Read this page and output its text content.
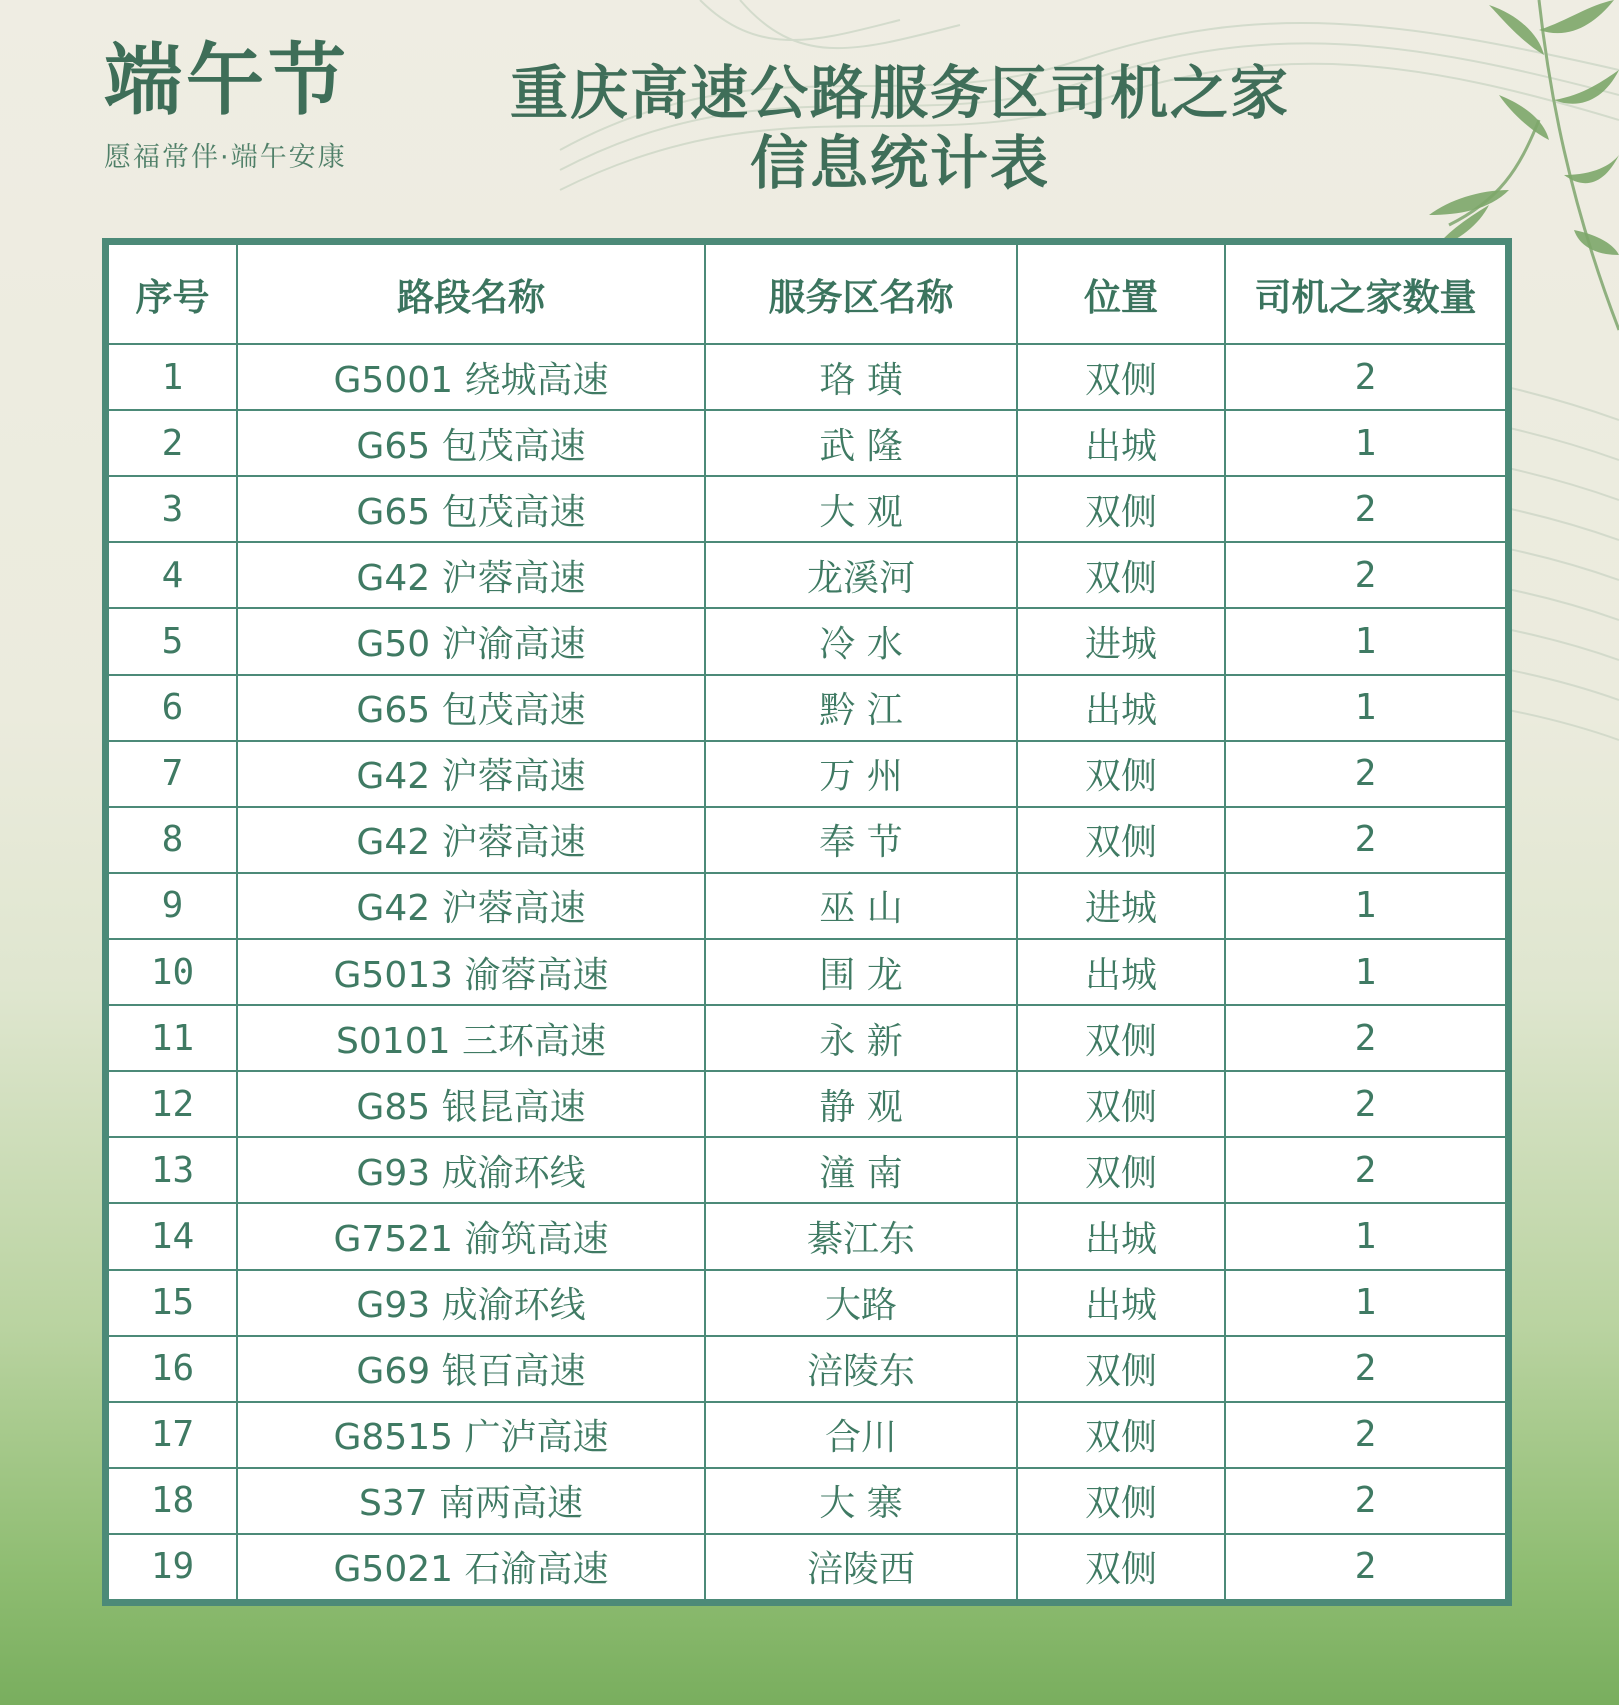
端午节

愿福常伴·端午安康

重庆高速公路服务区司机之家
信息统计表
序号	路段名称	服务区名称	位置	司机之家数量
1	G5001 绕城高速	珞 璜	双侧	2
2	G65 包茂高速	武 隆	出城	1
3	G65 包茂高速	大 观	双侧	2
4	G42 沪蓉高速	龙溪河	双侧	2
5	G50 沪渝高速	冷 水	进城	1
6	G65 包茂高速	黔 江	出城	1
7	G42 沪蓉高速	万 州	双侧	2
8	G42 沪蓉高速	奉 节	双侧	2
9	G42 沪蓉高速	巫 山	进城	1
10	G5013 渝蓉高速	围 龙	出城	1
11	S0101 三环高速	永 新	双侧	2
12	G85 银昆高速	静 观	双侧	2
13	G93 成渝环线	潼 南	双侧	2
14	G7521 渝筑高速	綦江东	出城	1
15	G93 成渝环线	大路	出城	1
16	G69 银百高速	涪陵东	双侧	2
17	G8515 广泸高速	合川	双侧	2
18	S37 南两高速	大 寨	双侧	2
19	G5021 石渝高速	涪陵西	双侧	2
